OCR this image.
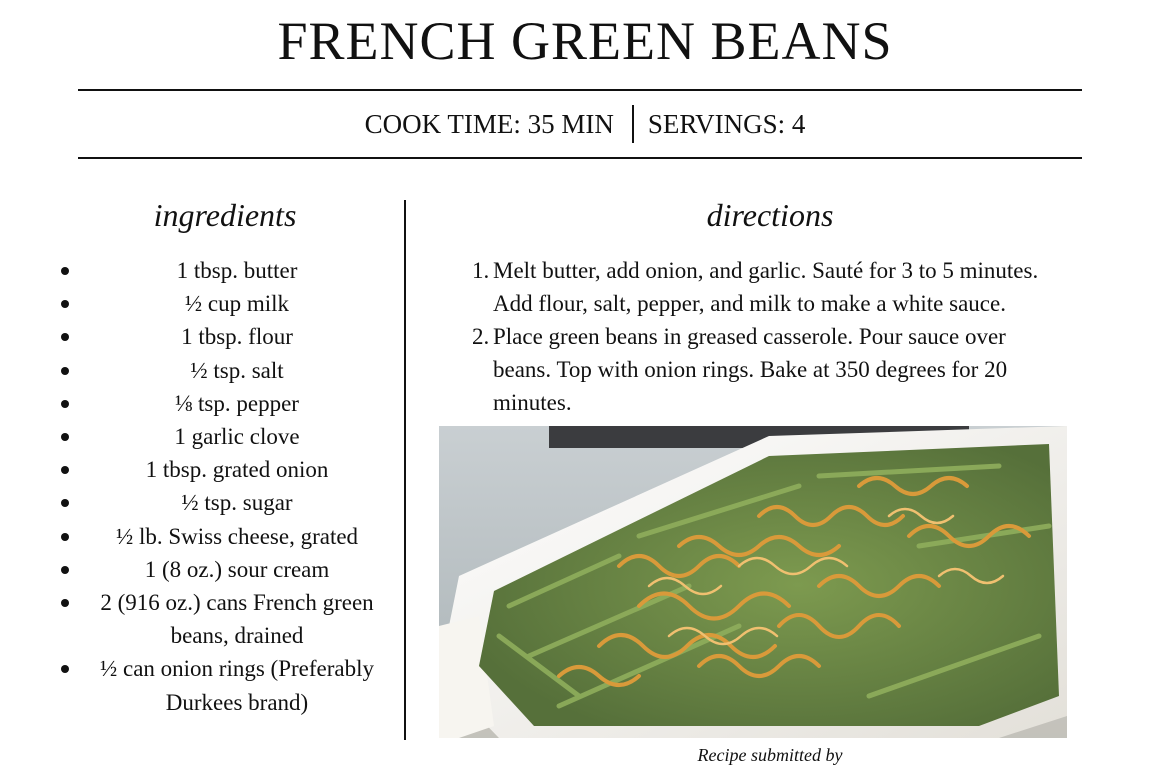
FRENCH GREEN BEANS
COOK TIME: 35 MIN SERVINGS: 4
ingredients	directions
1 tbsp. butter
½ cup milk
1 tbsp. flour
½ tsp. salt
⅛ tsp. pepper
1 garlic clove
1 tbsp. grated onion
½ tsp. sugar
½ lb. Swiss cheese, grated
1 (8 oz.) sour cream
2 (916 oz.) cans French green beans, drained
½ can onion rings (Preferably Durkees brand)
1. Melt butter, add onion, and garlic. Sauté for 3 to 5 minutes.
Add flour, salt, pepper, and milk to make a white sauce.
2. Place green beans in greased casserole. Pour sauce over
beans. Top with onion rings. Bake at 350 degrees for 20
minutes.
Recipe submitted by
